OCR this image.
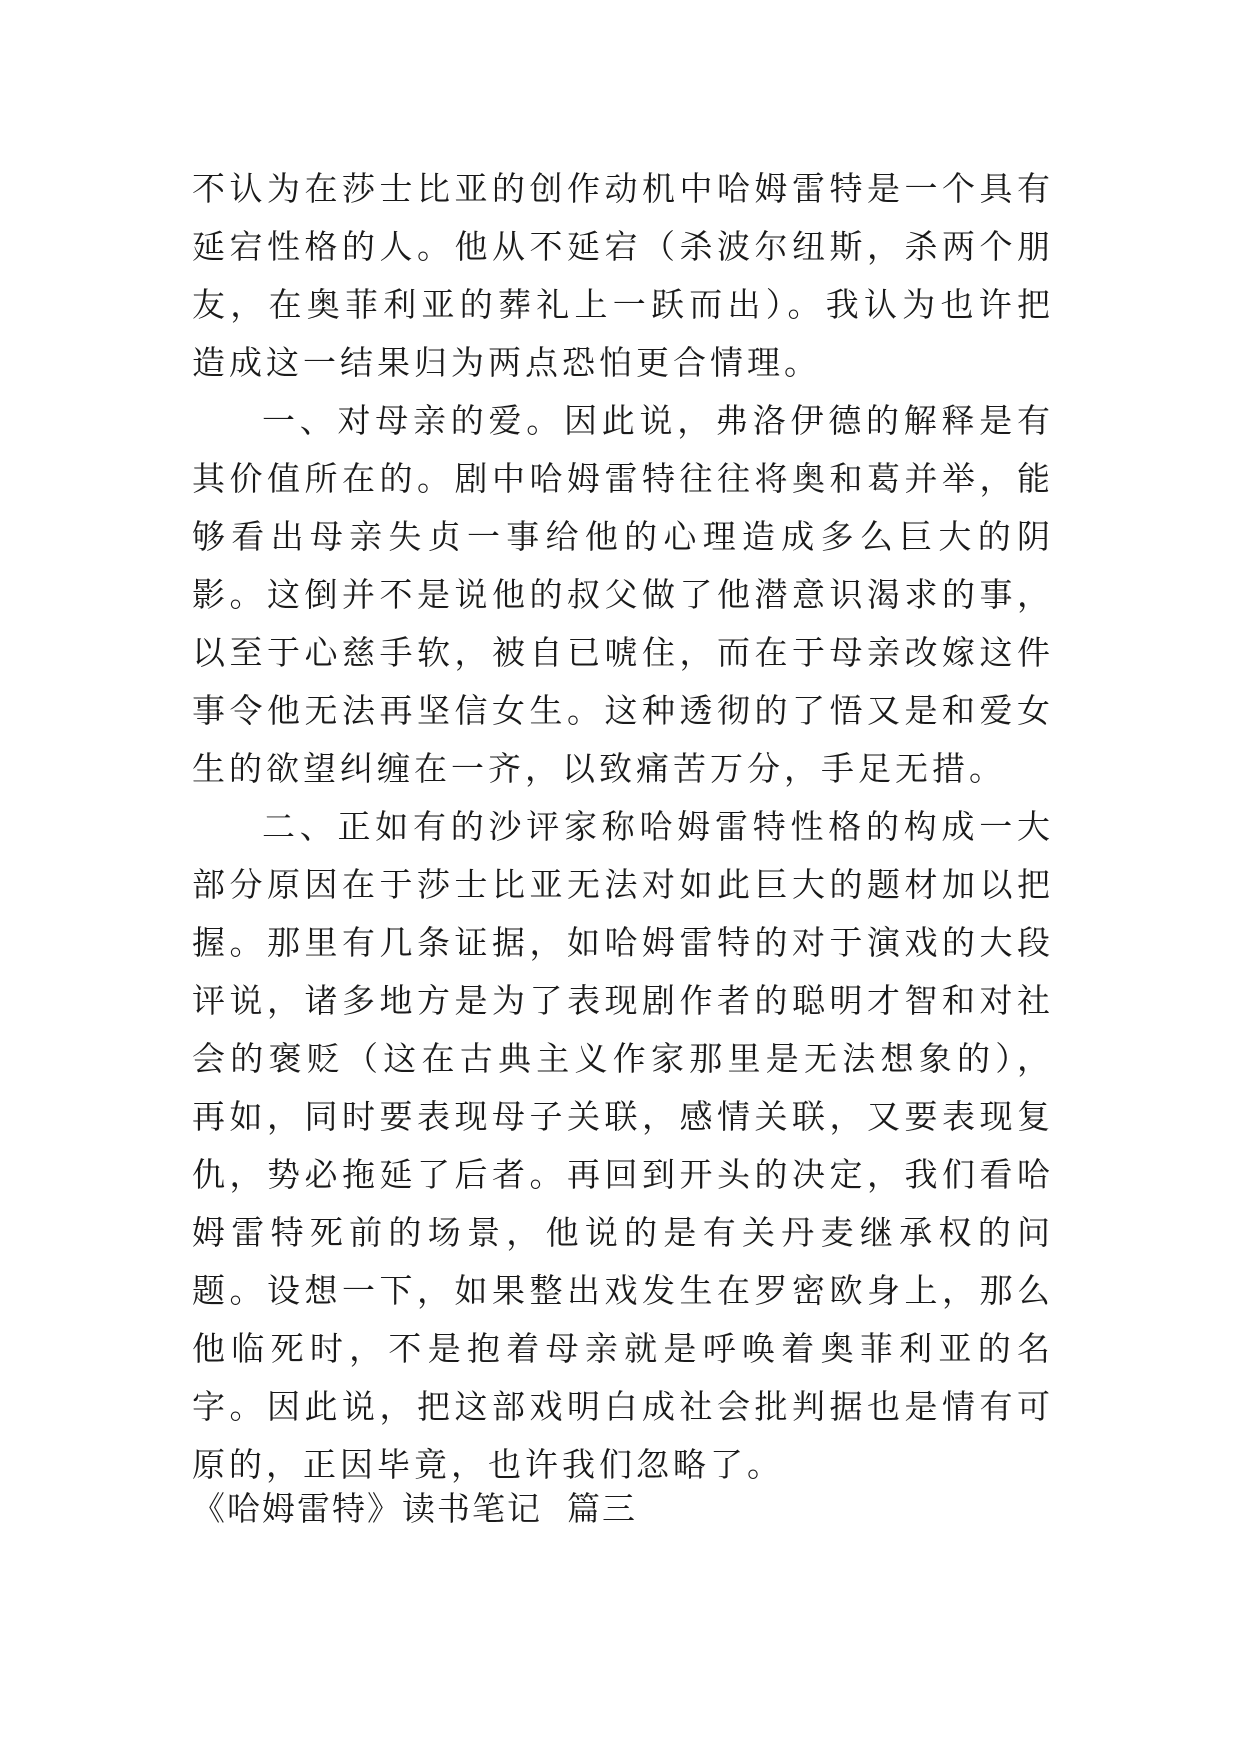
不认为在莎士比亚的创作动机中哈姆雷特是一个具有延宕性格的人。他从不延宕（杀波尔纽斯，杀两个朋友，在奥菲利亚的葬礼上一跃而出）。我认为也许把造成这一结果归为两点恐怕更合情理。

一、对母亲的爱。因此说，弗洛伊德的解释是有其价值所在的。剧中哈姆雷特往往将奥和葛并举，能够看出母亲失贞一事给他的心理造成多么巨大的阴影。这倒并不是说他的叔父做了他潜意识渴求的事，以至于心慈手软，被自已唬住，而在于母亲改嫁这件事令他无法再坚信女生。这种透彻的了悟又是和爱女生的欲望纠缠在一齐，以致痛苦万分，手足无措。

二、正如有的沙评家称哈姆雷特性格的构成一大部分原因在于莎士比亚无法对如此巨大的题材加以把握。那里有几条证据，如哈姆雷特的对于演戏的大段评说，诸多地方是为了表现剧作者的聪明才智和对社会的褒贬（这在古典主义作家那里是无法想象的），再如，同时要表现母子关联，感情关联，又要表现复仇，势必拖延了后者。再回到开头的决定，我们看哈姆雷特死前的场景，他说的是有关丹麦继承权的问题。设想一下，如果整出戏发生在罗密欧身上，那么他临死时，不是抱着母亲就是呼唤着奥菲利亚的名字。因此说，把这部戏明白成社会批判据也是情有可原的，正因毕竟，也许我们忽略了。

《哈姆雷特》读书笔记  篇三
